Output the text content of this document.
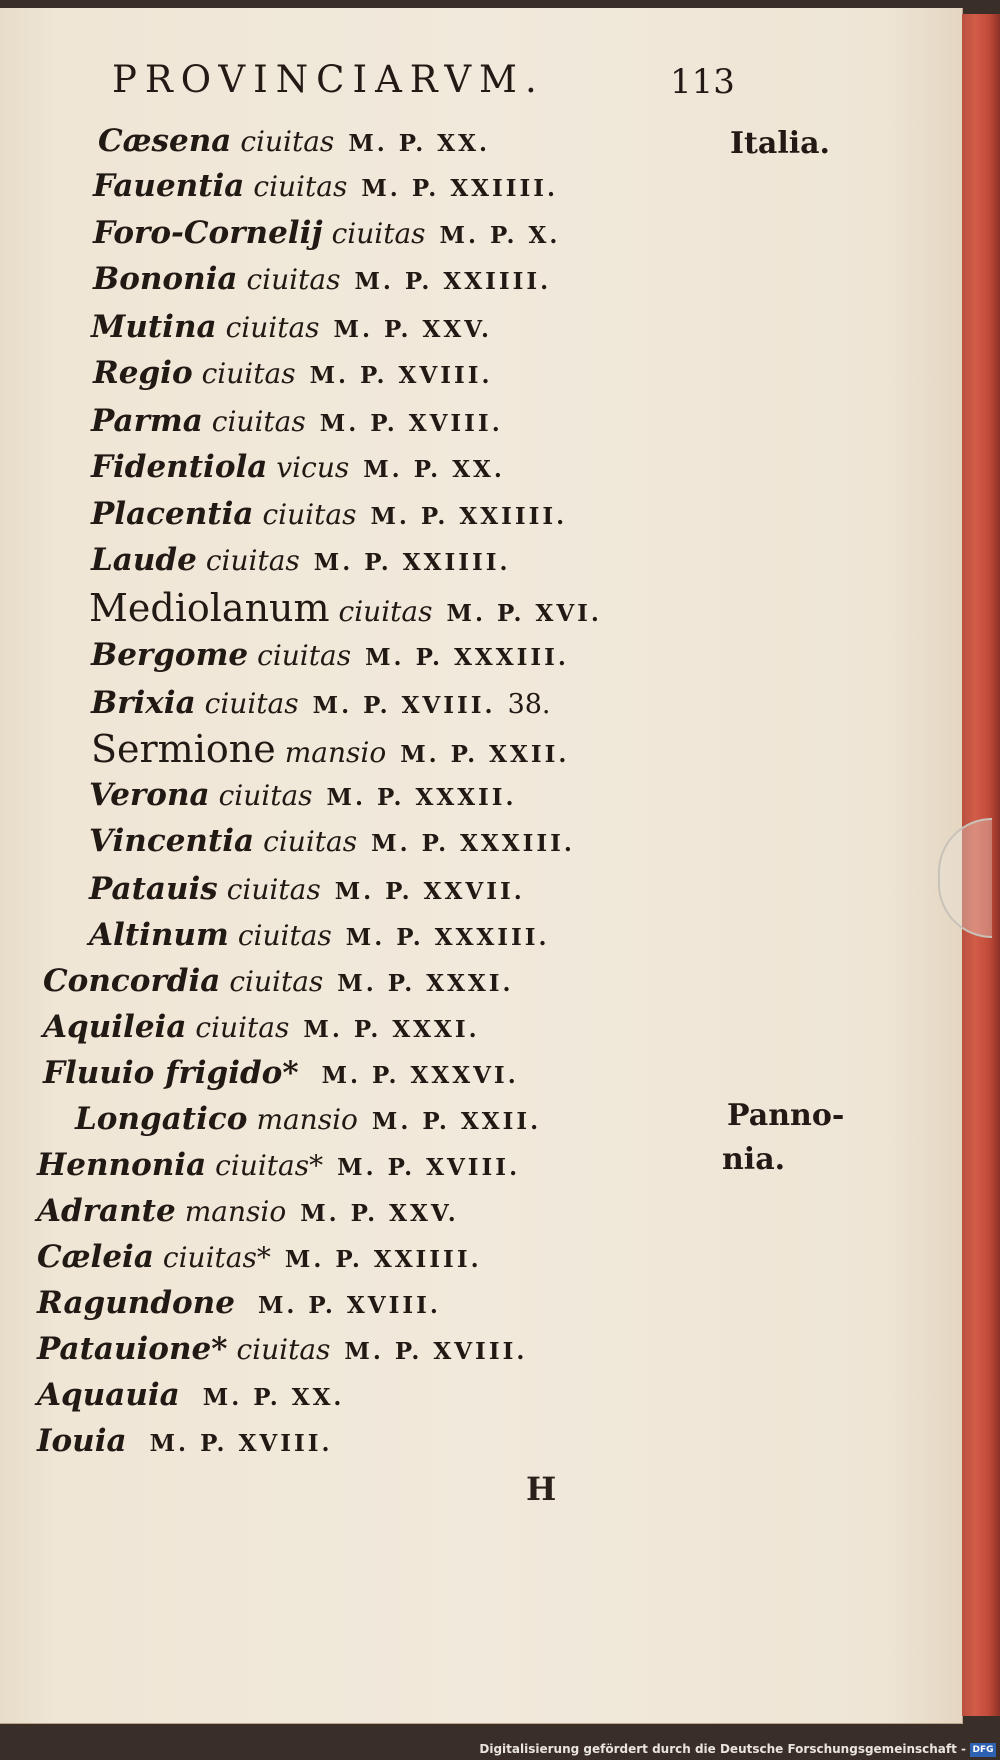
PROVINCIARVM.	113
Italia.
Panno-
nia.
Cæsena ciuitas M. P. XX.
Fauentia ciuitas M. P. XXIIII.
Foro-Cornelij ciuitas M. P. X.
Bononia ciuitas M. P. XXIIII.
Mutina ciuitas M. P. XXV.
Regio ciuitas M. P. XVIII.
Parma ciuitas M. P. XVIII.
Fidentiola vicus M. P. XX.
Placentia ciuitas M. P. XXIIII.
Laude ciuitas M. P. XXIIII.
Mediolanum ciuitas M. P. XVI.
Bergome ciuitas M. P. XXXIII.
Brixia ciuitas M. P. XVIII. 38.
Sermione mansio M. P. XXII.
Verona ciuitas M. P. XXXII.
Vincentia ciuitas M. P. XXXIII.
Patauis ciuitas M. P. XXVII.
Altinum ciuitas M. P. XXXIII.
Concordia ciuitas M. P. XXXI.
Aquileia ciuitas M. P. XXXI.
Fluuio frigido* M. P. XXXVI.
Longatico mansio M. P. XXII.
Hennonia ciuitas* M. P. XVIII.
Adrante mansio M. P. XXV.
Cæleia ciuitas* M. P. XXIIII.
Ragundone M. P. XVIII.
Patauione* ciuitas M. P. XVIII.
Aquauia M. P. XX.
Iouia M. P. XVIII.
H
Digitalisierung gefördert durch die Deutsche Forschungsgemeinschaft - DFG
